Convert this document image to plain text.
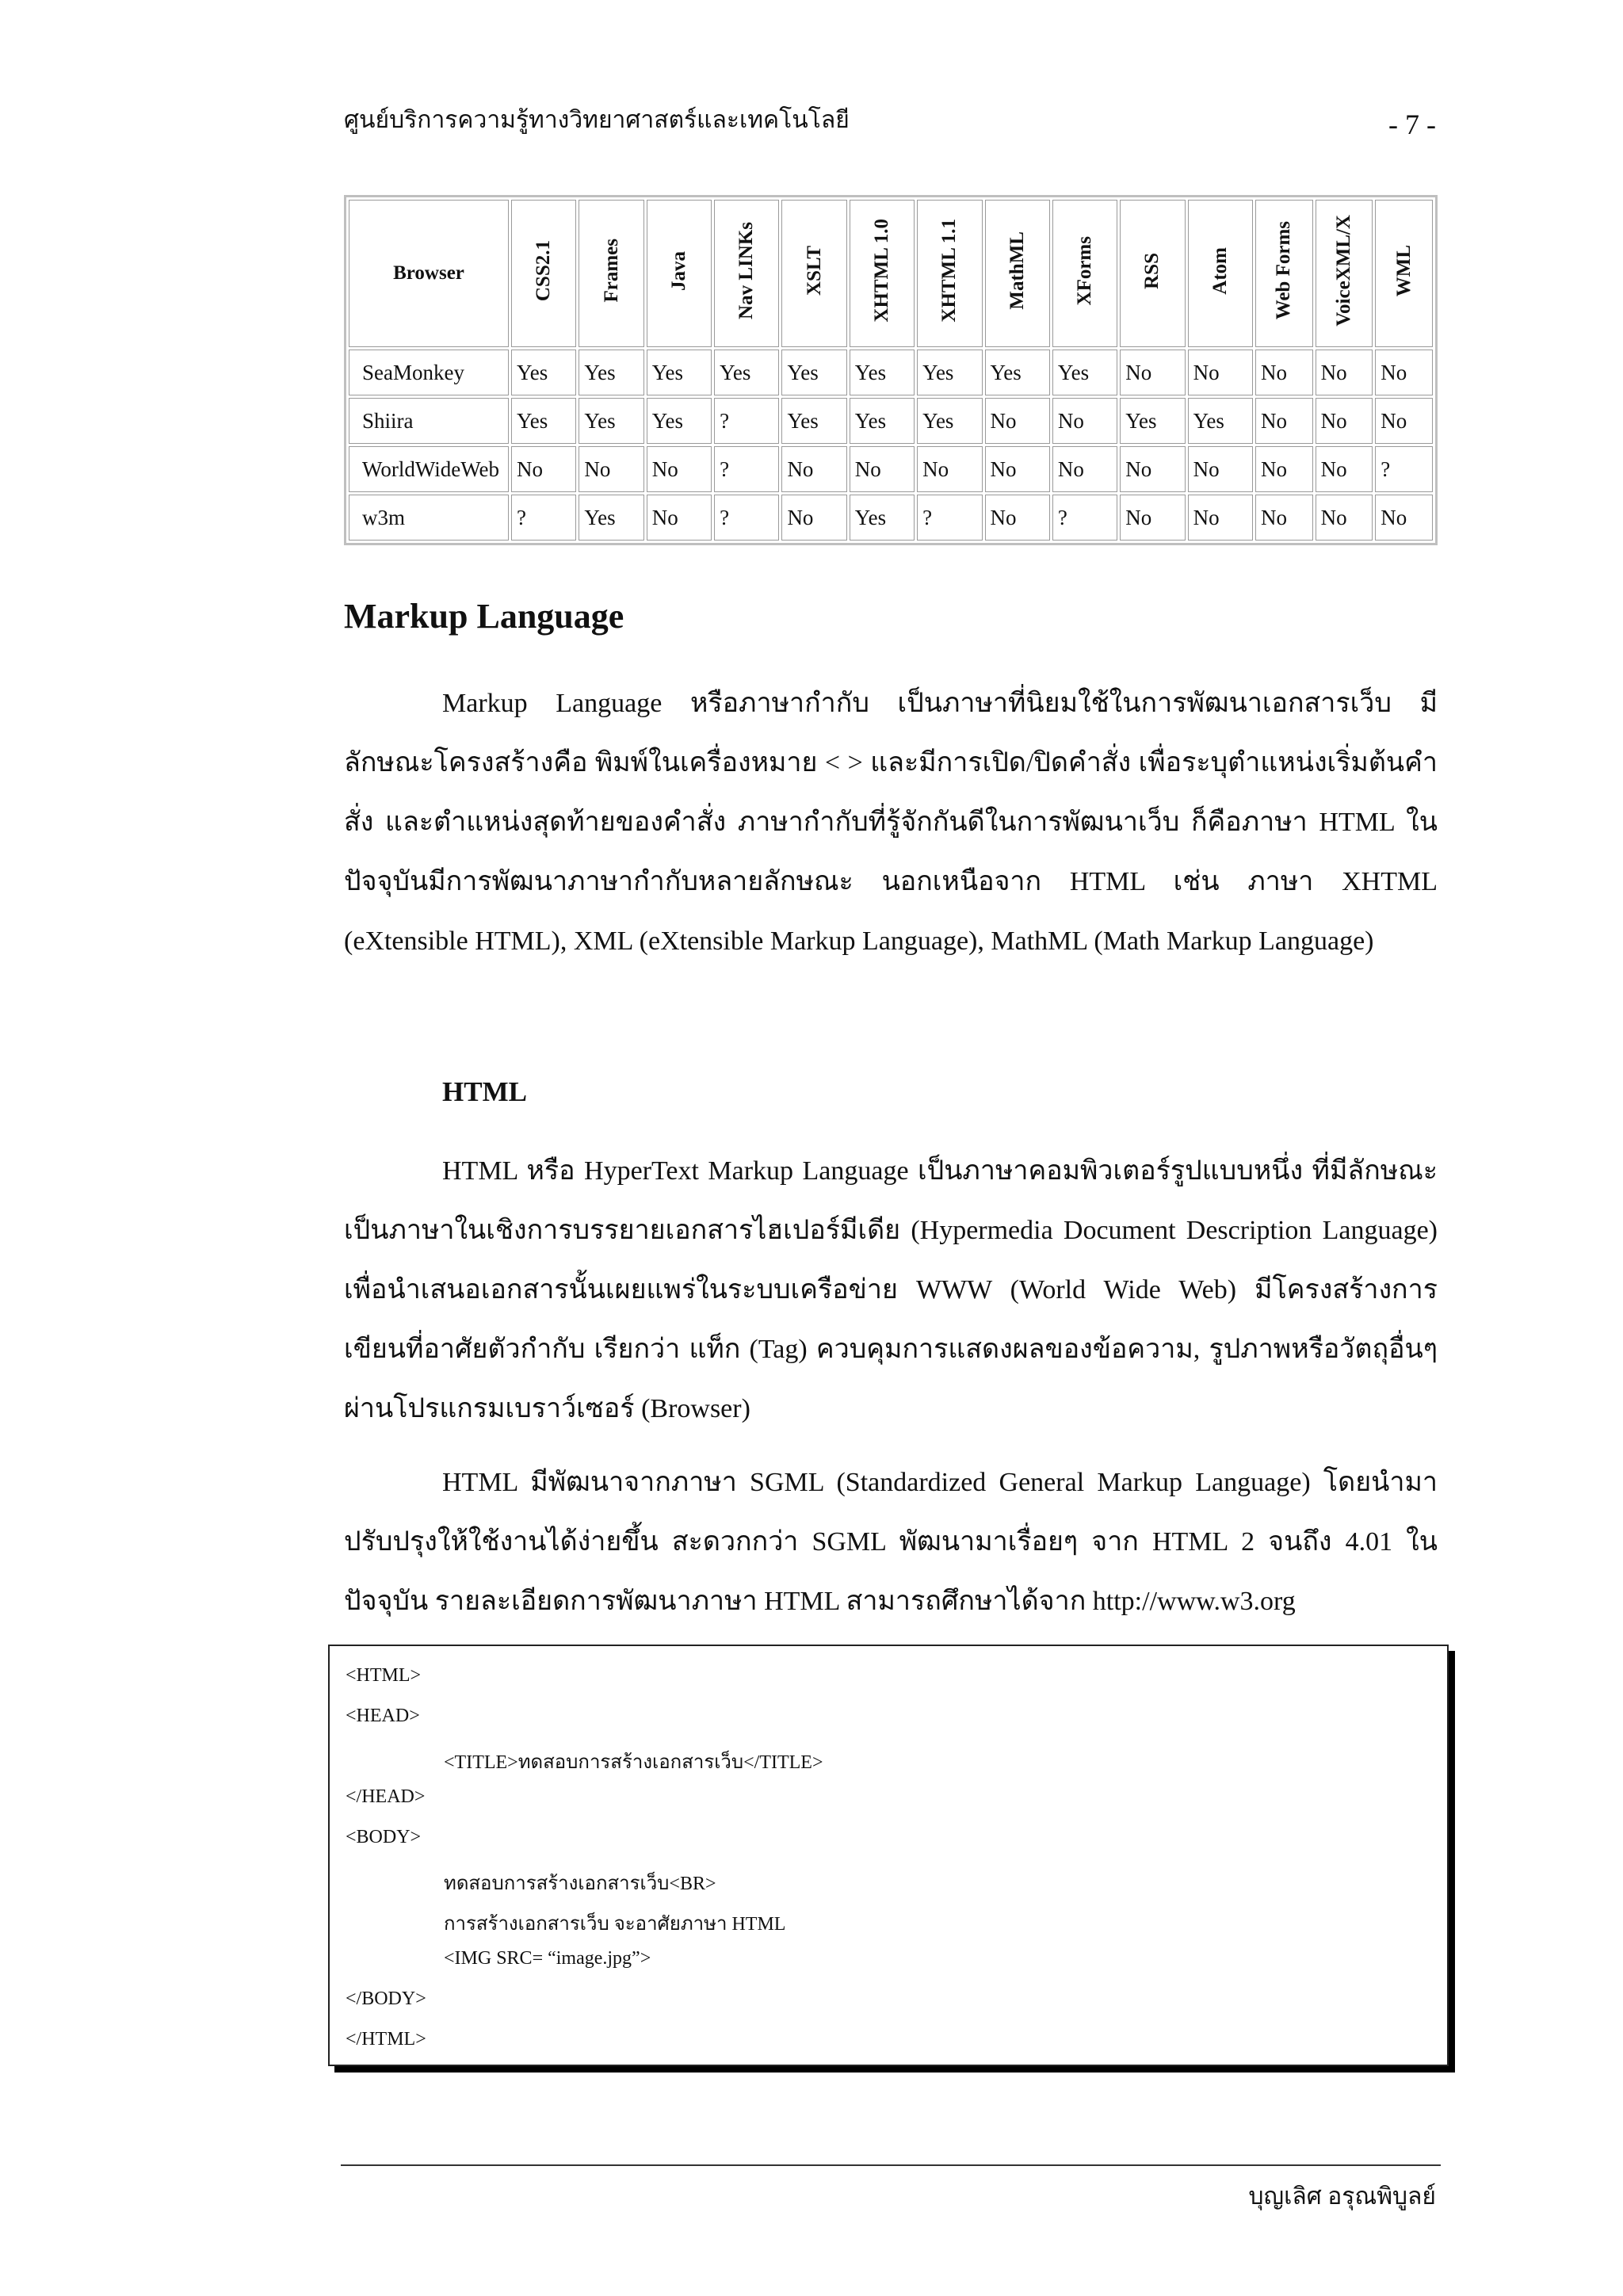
ศูนย์บริการความรู้ทางวิทยาศาสตร์และเทคโนโลยี	- 7 -
Browser	CSS2.1	Frames	Java	Nav LINKs	XSLT	XHTML 1.0	XHTML 1.1	MathML	XForms	RSS	Atom	Web Forms	VoiceXML/X	WML
SeaMonkey	Yes	Yes	Yes	Yes	Yes	Yes	Yes	Yes	Yes	No	No	No	No	No
Shiira	Yes	Yes	Yes	?	Yes	Yes	Yes	No	No	Yes	Yes	No	No	No
WorldWideWeb	No	No	No	?	No	No	No	No	No	No	No	No	No	?
w3m	?	Yes	No	?	No	Yes	?	No	?	No	No	No	No	No
Markup Language

Markup Language หรือภาษากำกับ เป็นภาษาที่นิยมใช้ในการพัฒนาเอกสารเว็บ มีลักษณะโครงสร้างคือ พิมพ์ในเครื่องหมาย < > และมีการเปิด/ปิดคำสั่ง เพื่อระบุตำแหน่งเริ่มต้นคำสั่ง และตำแหน่งสุดท้ายของคำสั่ง ภาษากำกับที่รู้จักกันดีในการพัฒนาเว็บ ก็คือภาษา HTML ในปัจจุบันมีการพัฒนาภาษากำกับหลายลักษณะ นอกเหนือจาก HTML เช่น ภาษา XHTML (eXtensible HTML), XML (eXtensible Markup Language), MathML (Math Markup Language)

HTML

HTML หรือ HyperText Markup Language เป็นภาษาคอมพิวเตอร์รูปแบบหนึ่ง ที่มีลักษณะเป็นภาษาในเชิงการบรรยายเอกสารไฮเปอร์มีเดีย (Hypermedia Document Description Language) เพื่อนำเสนอเอกสารนั้นเผยแพร่ในระบบเครือข่าย WWW (World Wide Web) มีโครงสร้างการเขียนที่อาศัยตัวกำกับ เรียกว่า แท็ก (Tag) ควบคุมการแสดงผลของข้อความ, รูปภาพหรือวัตถุอื่นๆ ผ่านโปรแกรมเบราว์เซอร์ (Browser)

HTML มีพัฒนาจากภาษา SGML (Standardized General Markup Language) โดยนำมาปรับปรุงให้ใช้งานได้ง่ายขึ้น สะดวกกว่า SGML พัฒนามาเรื่อยๆ จาก HTML 2 จนถึง 4.01 ในปัจจุบัน รายละเอียดการพัฒนาภาษา HTML สามารถศึกษาได้จาก http://www.w3.org

<HTML>
<HEAD>
<TITLE>ทดสอบการสร้างเอกสารเว็บ</TITLE>
</HEAD>
<BODY>
ทดสอบการสร้างเอกสารเว็บ<BR>
การสร้างเอกสารเว็บ จะอาศัยภาษา HTML
<IMG SRC= “image.jpg”>
</BODY>
</HTML>
บุญเลิศ อรุณพิบูลย์
